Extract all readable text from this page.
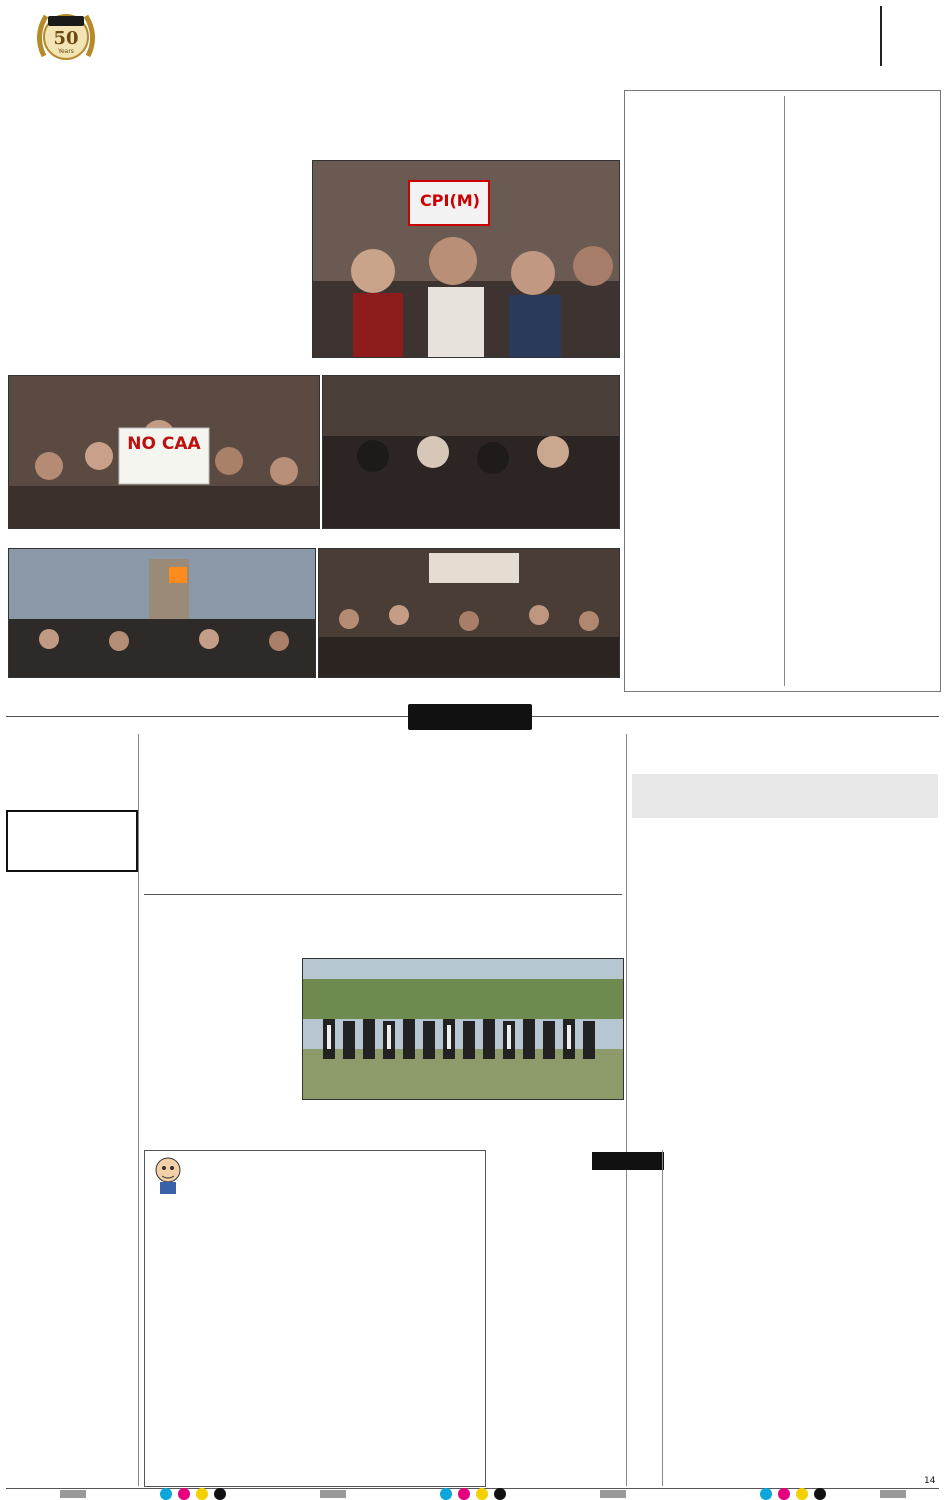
50
Years
CPI(M)
NO CAA
14
